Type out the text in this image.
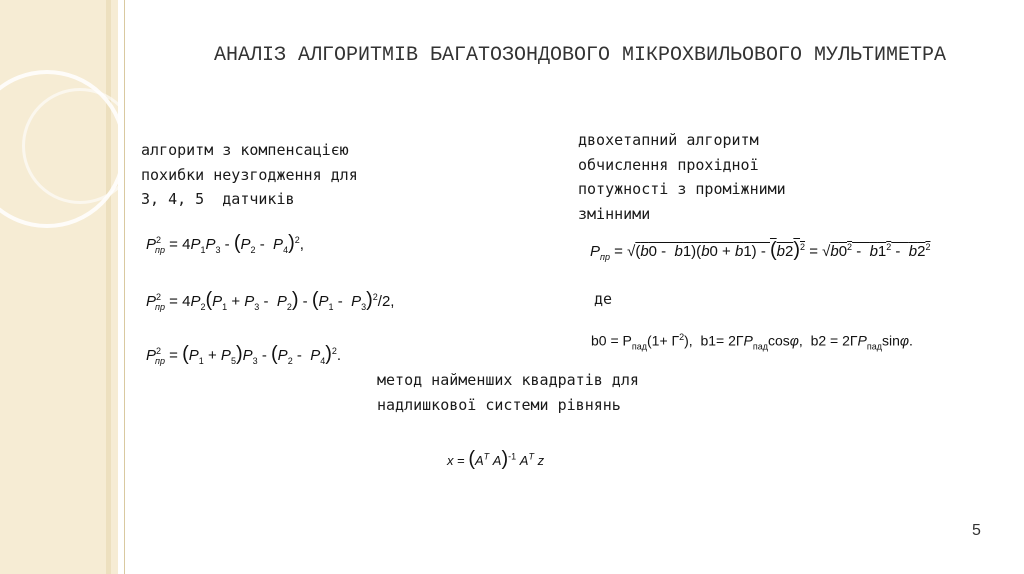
АНАЛІЗ АЛГОРИТМІВ БАГАТОЗОНДОВОГО МІКРОХВИЛЬОВОГО МУЛЬТИМЕТРА
алгоритм з компенсацією
похибки неузгодження для
3, 4, 5  датчиків
двохетапний алгоритм
обчислення прохідної
потужності з проміжними
змінними
$P^2_{пр} = 4P_1P_3 - (P_2 - P_4)^2$,
$P^2_{пр} = 4P_2(P_1 + P_3 - P_2) - (P_1 - P_3)^2/2$,
$P^2_{пр} = (P_1 + P_5)P_3 - (P_2 - P_4)^2$.
$P_{пр} = √(b0 - b1)(b0 + b1) - (b2)^2 = √b0^2 - b1^2 - b2^2$
де
$b0 = P_{пад}(1+ Г^2)$,  $b1= 2ГP_{пад}\cos\varphi$,  $b2 = 2ГP_{пад}\sin\varphi$.
метод найменших квадратів для
надлишкової системи рівнянь
$x = (A^T$ A)$^{-1}$ $A^T$ z
5
